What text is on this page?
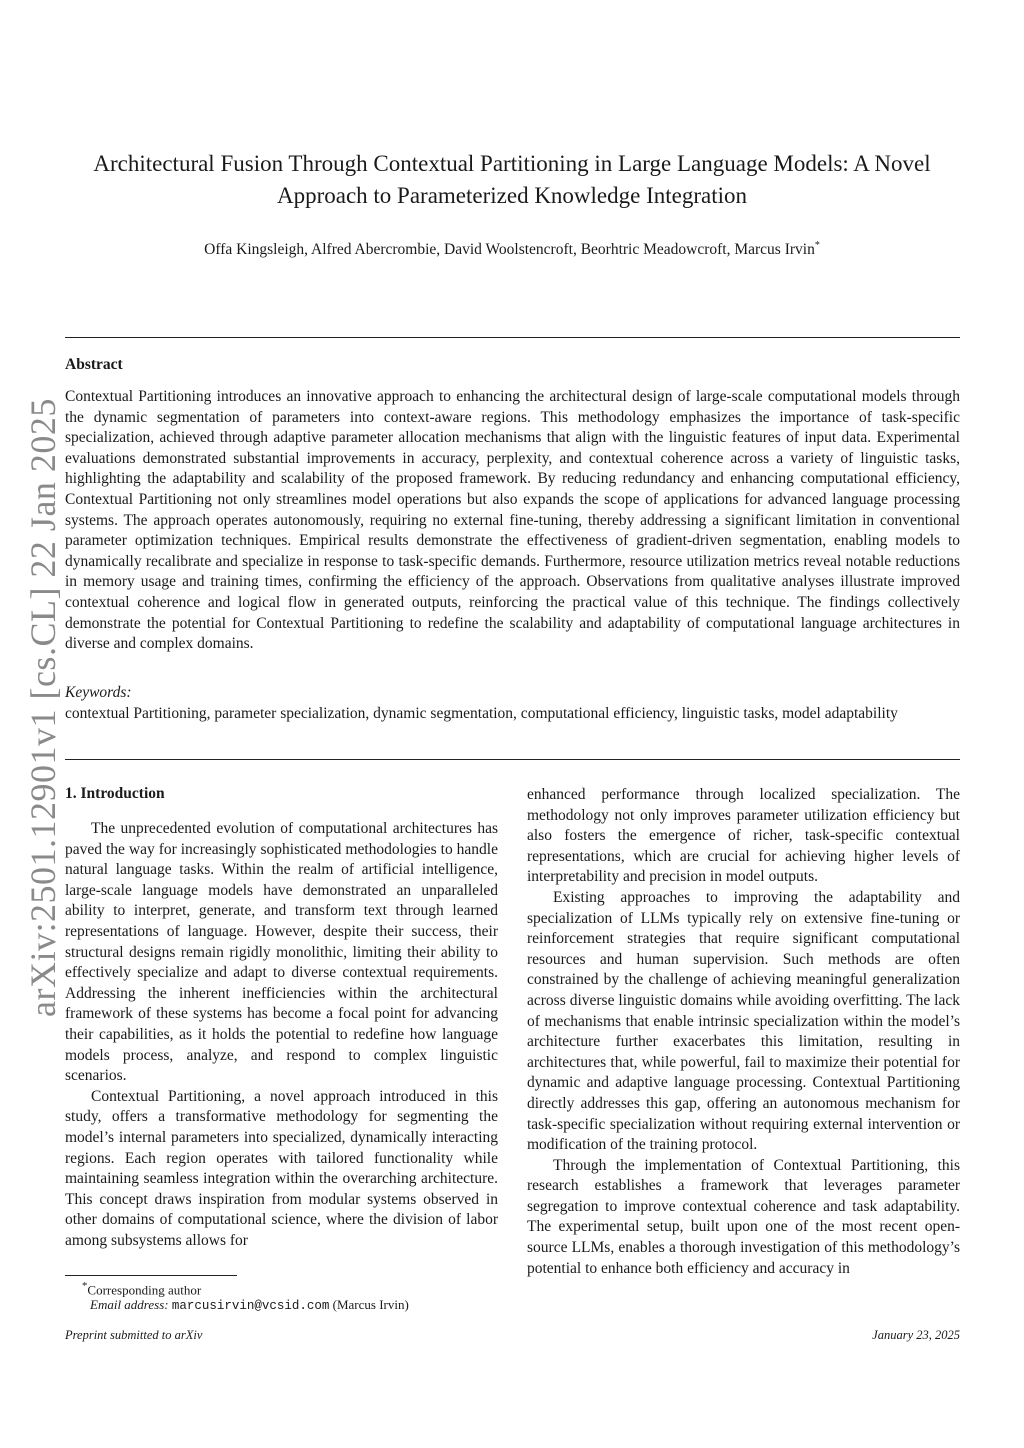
arXiv:2501.12901v1 [cs.CL] 22 Jan 2025
Architectural Fusion Through Contextual Partitioning in Large Language Models: A Novel Approach to Parameterized Knowledge Integration
Offa Kingsleigh, Alfred Abercrombie, David Woolstencroft, Beorhtric Meadowcroft, Marcus Irvin*
Abstract
Contextual Partitioning introduces an innovative approach to enhancing the architectural design of large-scale computational models through the dynamic segmentation of parameters into context-aware regions. This methodology emphasizes the importance of task-specific specialization, achieved through adaptive parameter allocation mechanisms that align with the linguistic features of input data. Experimental evaluations demonstrated substantial improvements in accuracy, perplexity, and contextual coherence across a variety of linguistic tasks, highlighting the adaptability and scalability of the proposed framework. By reducing redundancy and enhancing computational efficiency, Contextual Partitioning not only streamlines model operations but also expands the scope of applications for advanced language processing systems. The approach operates autonomously, requiring no external fine-tuning, thereby addressing a significant limitation in conventional parameter optimization techniques. Empirical results demonstrate the effectiveness of gradient-driven segmentation, enabling models to dynamically recalibrate and specialize in response to task-specific demands. Furthermore, resource utilization metrics reveal notable reductions in memory usage and training times, confirming the efficiency of the approach. Observations from qualitative analyses illustrate improved contextual coherence and logical flow in generated outputs, reinforcing the practical value of this technique. The findings collectively demonstrate the potential for Contextual Partitioning to redefine the scalability and adaptability of computational language architectures in diverse and complex domains.
Keywords:
contextual Partitioning, parameter specialization, dynamic segmentation, computational efficiency, linguistic tasks, model adaptability
1. Introduction

The unprecedented evolution of computational architectures has paved the way for increasingly sophisticated methodologies to handle natural language tasks. Within the realm of artificial intelligence, large-scale language models have demonstrated an unparalleled ability to interpret, generate, and transform text through learned representations of language. However, despite their success, their structural designs remain rigidly monolithic, limiting their ability to effectively specialize and adapt to diverse contextual requirements. Addressing the inherent inefficiencies within the architectural framework of these systems has become a focal point for advancing their capabilities, as it holds the potential to redefine how language models process, analyze, and respond to complex linguistic scenarios.

Contextual Partitioning, a novel approach introduced in this study, offers a transformative methodology for segmenting the model’s internal parameters into specialized, dynamically interacting regions. Each region operates with tailored functionality while maintaining seamless integration within the overarching architecture. This concept draws inspiration from modular systems observed in other domains of computational science, where the division of labor among subsystems allows for

enhanced performance through localized specialization. The methodology not only improves parameter utilization efficiency but also fosters the emergence of richer, task-specific contextual representations, which are crucial for achieving higher levels of interpretability and precision in model outputs.

Existing approaches to improving the adaptability and specialization of LLMs typically rely on extensive fine-tuning or reinforcement strategies that require significant computational resources and human supervision. Such methods are often constrained by the challenge of achieving meaningful generalization across diverse linguistic domains while avoiding overfitting. The lack of mechanisms that enable intrinsic specialization within the model’s architecture further exacerbates this limitation, resulting in architectures that, while powerful, fail to maximize their potential for dynamic and adaptive language processing. Contextual Partitioning directly addresses this gap, offering an autonomous mechanism for task-specific specialization without requiring external intervention or modification of the training protocol.

Through the implementation of Contextual Partitioning, this research establishes a framework that leverages parameter segregation to improve contextual coherence and task adaptability. The experimental setup, built upon one of the most recent open-source LLMs, enables a thorough investigation of this methodology’s potential to enhance both efficiency and accuracy in

*Corresponding author
Email address: marcusirvin@vcsid.com (Marcus Irvin)
Preprint submitted to arXiv	January 23, 2025
